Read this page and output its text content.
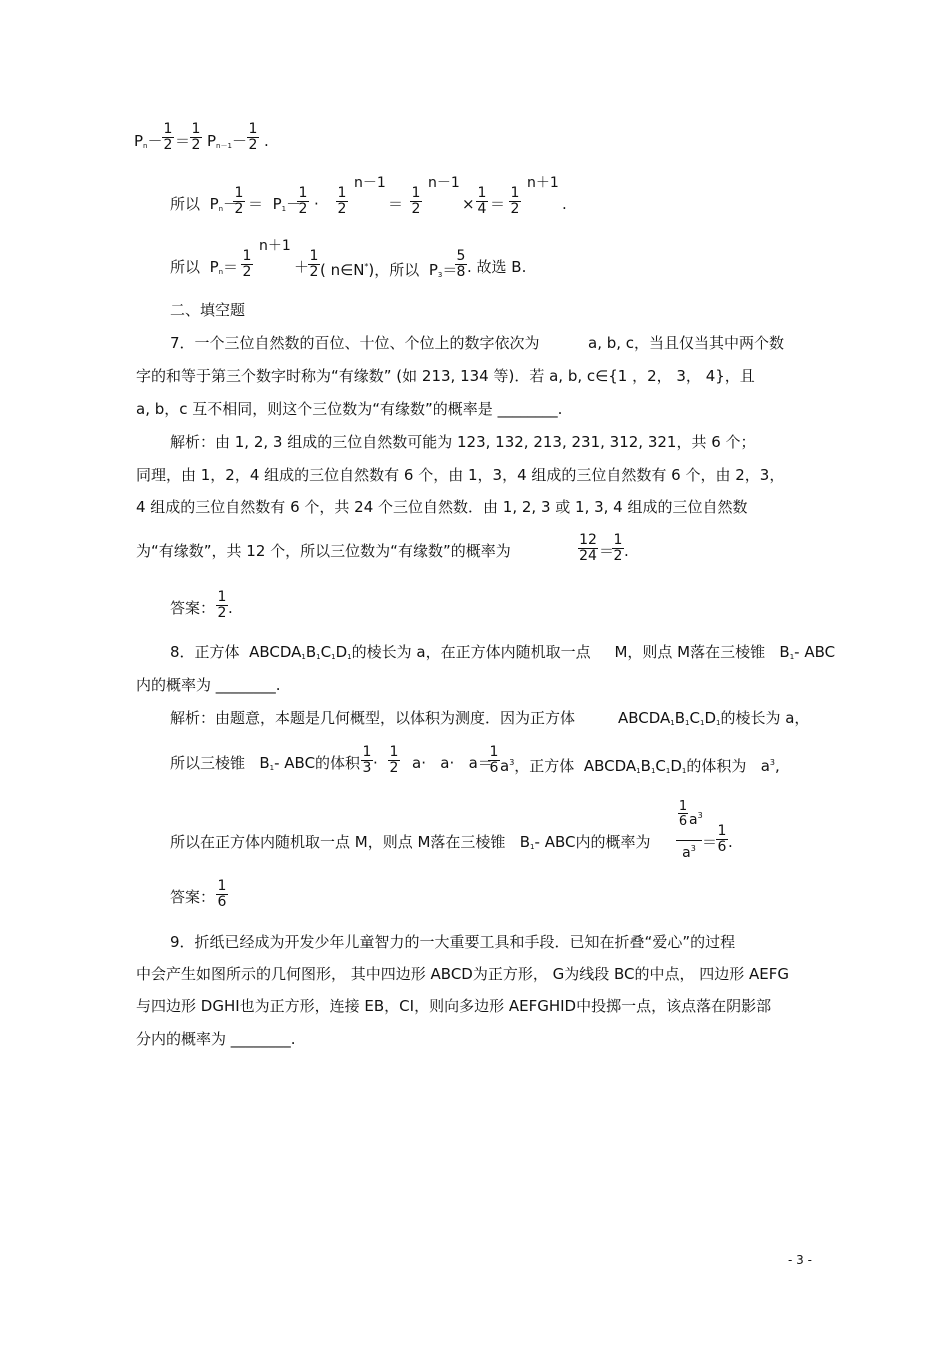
$Pn- \frac{1}{2} = \frac{1}{2} Pn-1- \frac{1}{2}$ .
所以 Pn－
$\frac{1}{2} = P1-$
$\frac{1}{2} \cdot \frac{1}{2}$
n－1
＝ $\frac{1}{2}$
n－1
× $\frac{1}{4} = \frac{1}{2}$
n＋1
.
所以 $Pn= \frac{1}{2}$
n＋1
＋
$\frac{1}{2}$ ( n∈N*)，所以 P3＝
$\frac{5}{8}$ . 故选 B.
二、填空题
7．一个三位自然数的百位、十位、个位上的数字依次为	a, b, c，当且仅当其中两个数
字的和等于第三个数字时称为“有缘数” (如 213, 134 等)．若 a, b, c∈{1 ，2， 3， 4}，且
a, b，c 互不相同，则这个三位数为“有缘数”的概率是 ________.
解析：由 1, 2, 3 组成的三位自然数可能为 123, 132, 213, 231, 312, 321，共 6 个；
同理，由 1，2，4 组成的三位自然数有 6 个，由 1，3，4 组成的三位自然数有 6 个，由 2，3，
4 组成的三位自然数有 6 个，共 24 个三位自然数．由 1, 2, 3 或 1, 3, 4 组成的三位自然数
为“有缘数”，共 12 个，所以三位数为“有缘数”的概率为	$\frac{12}{24}$ ＝
$\frac{1}{2}$ .
答案： $\frac{1}{2}$ .
8．正方体 ABCDA1B1C1D1的棱长为 a，在正方体内随机取一点 M，则点 M落在三棱锥 B1- ABC
内的概率为 ________.
解析：由题意，本题是几何概型，以体积为测度．因为正方体	ABCDA1B1C1D1的棱长为 a，
所以三棱锥 B1- ABC的体积 $\frac{1}{3} \cdot \frac{1}{2} a\cdot a\cdot a=$
$\frac{1}{6} a^3$，正方体 ABCDA1B1C1D1的体积为 $a^3$,
所以在正方体内随机取一点 M，则点 M落在三棱锥 B1- ABC内的概率为 1
6 $a^3$
$a^3$ ＝
$\frac{1}{6}$ .
答案： $\frac{1}{6}$
9．折纸已经成为开发少年儿童智力的一大重要工具和手段．已知在折叠“爱心”的过程
中会产生如图所示的几何图形， 其中四边形 ABCD为正方形， G为线段 BC的中点， 四边形 AEFG
与四边形 DGHI也为正方形，连接 EB，CI，则向多边形 AEFGHID中投掷一点，该点落在阴影部
分内的概率为 ________.
- 3 -
